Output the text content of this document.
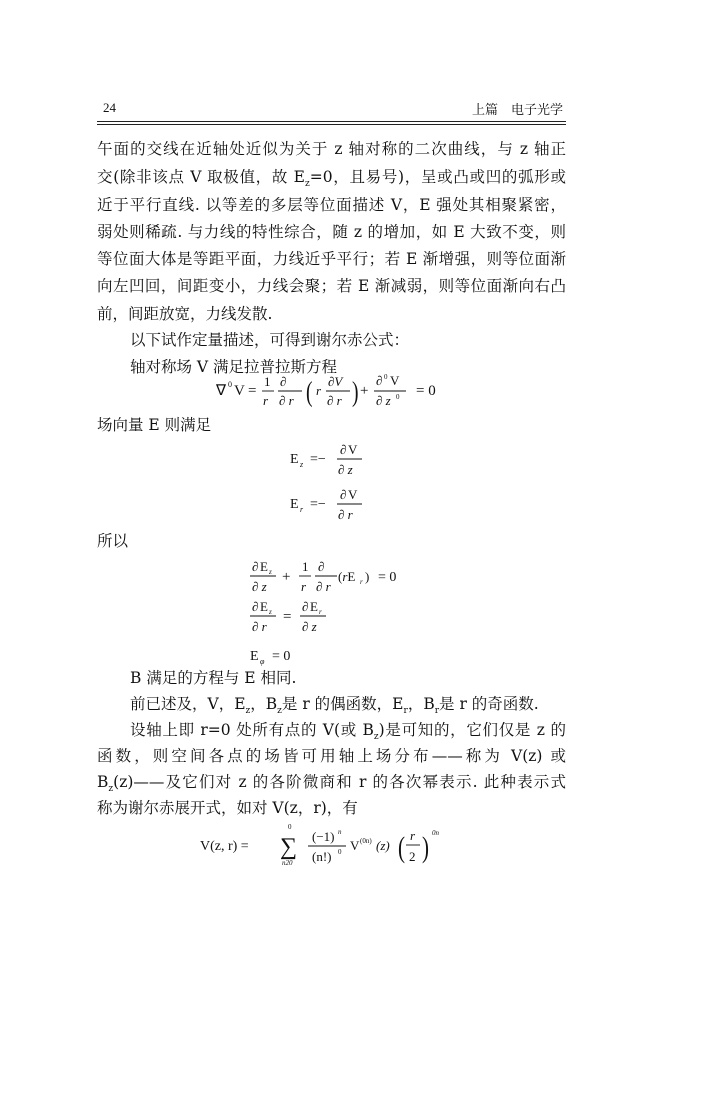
24	上篇　电子光学
午面的交线在近轴处近似为关于 z 轴对称的二次曲线，与 z 轴正
交(除非该点 V 取极值，故 $E_z=0$，且易号)，呈或凸或凹的弧形或
近于平行直线. 以等差的多层等位面描述 V，E 强处其相聚紧密，
弱处则稀疏. 与力线的特性综合，随 z 的增加，如 E 大致不变，则
等位面大体是等距平面，力线近乎平行；若 E 渐增强，则等位面渐
向左凹回，间距变小，力线会聚；若 E 渐减弱，则等位面渐向右凸
前，间距放宽，力线发散.
以下试作定量描述，可得到谢尔赤公式：
轴对称场 V 满足拉普拉斯方程
∇ 0 V =
1
r
∂
∂ r ( r
∂V
∂ r ) +
∂ 0 V
∂ z 0 = 0
场向量 E 则满足
E z =−
∂ V
∂ z
E r =−
∂ V
∂ r
所以
∂ E z
∂ z
+
1
r
∂
∂ r
(rE r ) = 0
∂ E z
∂ r
=
∂ E r
∂ z
E φ = 0
B 满足的方程与 E 相同.
前已述及，V，$E_z$，$B_z$是 r 的偶函数，$E_r$，$B_r$是 r 的奇函数.
设轴上即 r=0 处所有点的 V(或 $B_z$)是可知的，它们仅是 z 的
函数，则空间各点的场皆可用轴上场分布——称为 V(z) 或
$B_z(z)——$及它们对 z 的各阶微商和 r 的各次幂表示. 此种表示式
称为谢尔赤展开式，如对 V(z，r)，有
V(z, r) =
0
∑
n20
(−1) n
(n!) 0 V (0n) (z) ( r
2 ) 0n
